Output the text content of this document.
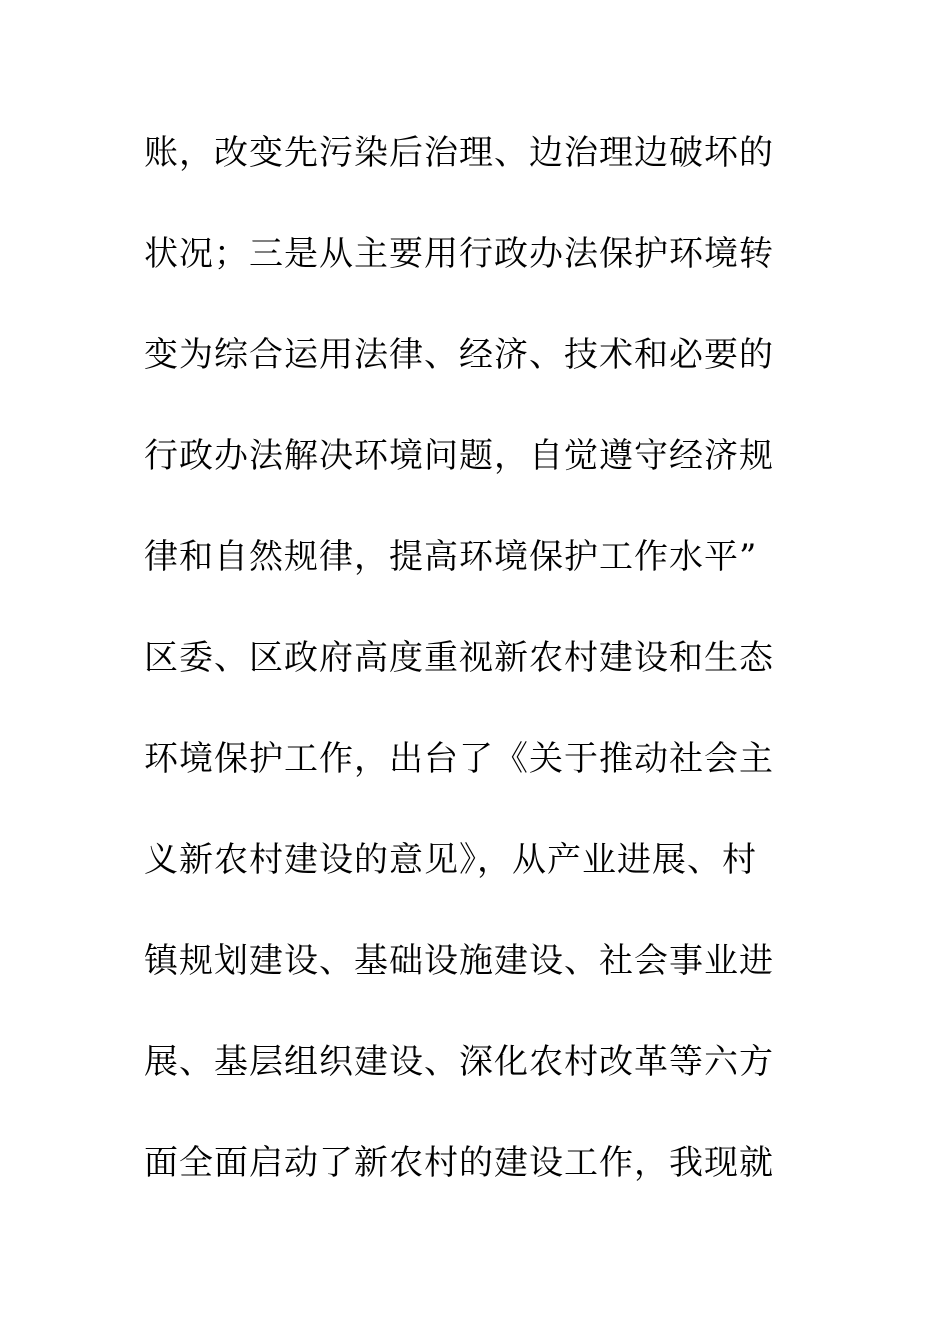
账，改变先污染后治理、边治理边破坏的
状况；三是从主要用行政办法保护环境转
变为综合运用法律、经济、技术和必要的
行政办法解决环境问题，自觉遵守经济规
律和自然规律，提高环境保护工作水平”
区委、区政府高度重视新农村建设和生态
环境保护工作，出台了《关于推动社会主
义新农村建设的意见》，从产业进展、村
镇规划建设、基础设施建设、社会事业进
展、基层组织建设、深化农村改革等六方
面全面启动了新农村的建设工作，我现就
